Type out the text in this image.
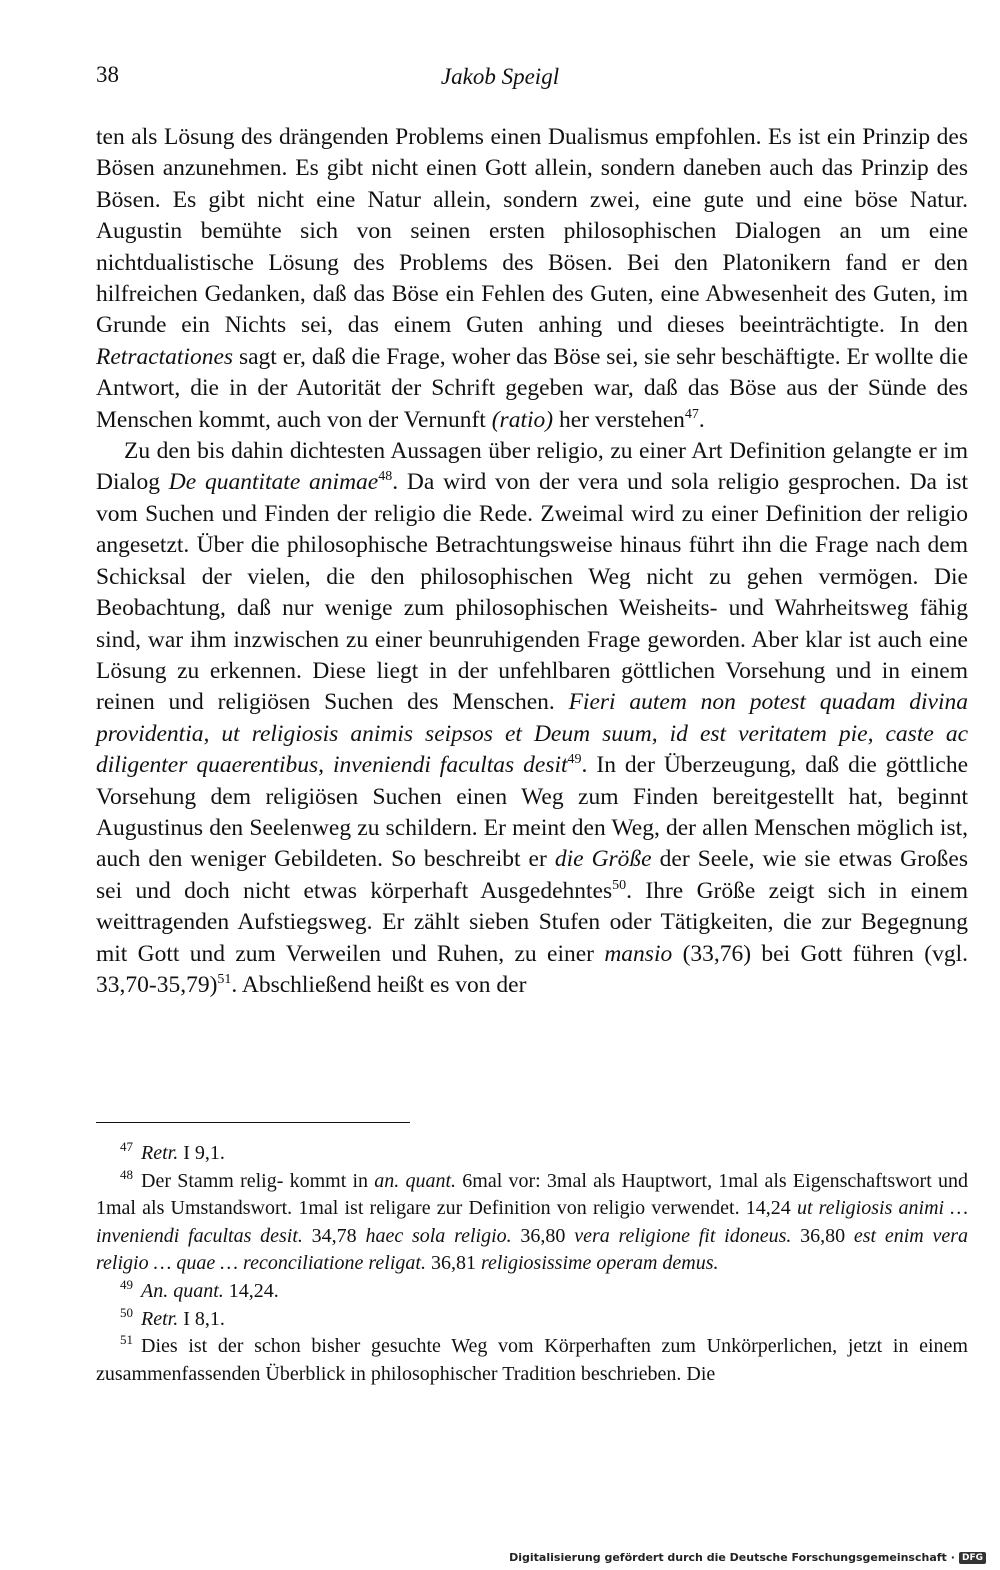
38	Jakob Speigl

ten als Lösung des drängenden Problems einen Dualismus empfohlen. Es ist ein Prinzip des Bösen anzunehmen. Es gibt nicht einen Gott allein, sondern daneben auch das Prinzip des Bösen. Es gibt nicht eine Natur allein, sondern zwei, eine gute und eine böse Natur. Augustin bemühte sich von seinen ersten philosophischen Dialogen an um eine nichtdualistische Lösung des Problems des Bösen. Bei den Platonikern fand er den hilfreichen Gedanken, daß das Böse ein Fehlen des Guten, eine Abwesenheit des Guten, im Grunde ein Nichts sei, das einem Guten anhing und dieses beeinträchtigte. In den Retractationes sagt er, daß die Frage, woher das Böse sei, sie sehr beschäftigte. Er wollte die Antwort, die in der Autorität der Schrift gegeben war, daß das Böse aus der Sünde des Menschen kommt, auch von der Vernunft (ratio) her verstehen$^{47}$.

Zu den bis dahin dichtesten Aussagen über religio, zu einer Art Definition gelangte er im Dialog De quantitate animae$^{48}$. Da wird von der vera und sola religio gesprochen. Da ist vom Suchen und Finden der religio die Rede. Zweimal wird zu einer Definition der religio angesetzt. Über die philosophische Betrachtungsweise hinaus führt ihn die Frage nach dem Schicksal der vielen, die den philosophischen Weg nicht zu gehen vermögen. Die Beobachtung, daß nur wenige zum philosophischen Weisheits- und Wahrheitsweg fähig sind, war ihm inzwischen zu einer beunruhigenden Frage geworden. Aber klar ist auch eine Lösung zu erkennen. Diese liegt in der unfehlbaren göttlichen Vorsehung und in einem reinen und religiösen Suchen des Menschen. Fieri autem non potest quadam divina providentia, ut religiosis animis seipsos et Deum suum, id est veritatem pie, caste ac diligenter quaerentibus, inveniendi facultas desit$^{49}$. In der Überzeugung, daß die göttliche Vorsehung dem religiösen Suchen einen Weg zum Finden bereitgestellt hat, beginnt Augustinus den Seelenweg zu schildern. Er meint den Weg, der allen Menschen möglich ist, auch den weniger Gebildeten. So beschreibt er die Größe der Seele, wie sie etwas Großes sei und doch nicht etwas körperhaft Ausgedehntes$^{50}$. Ihre Größe zeigt sich in einem weittragenden Aufstiegsweg. Er zählt sieben Stufen oder Tätigkeiten, die zur Begegnung mit Gott und zum Verweilen und Ruhen, zu einer mansio (33,76) bei Gott führen (vgl. 33,70-35,79)$^{51}$. Abschließend heißt es von der

$^{47}$ Retr. I 9,1.

$^{48}$ Der Stamm relig- kommt in an. quant. 6mal vor: 3mal als Hauptwort, 1mal als Eigenschaftswort und 1mal als Umstandswort. 1mal ist religare zur Definition von religio verwendet. 14,24 ut religiosis animi … inveniendi facultas desit. 34,78 haec sola religio. 36,80 vera religione fit idoneus. 36,80 est enim vera religio … quae … reconciliatione religat. 36,81 religiosissime operam demus.

$^{49}$ An. quant. 14,24.

$^{50}$ Retr. I 8,1.

$^{51}$ Dies ist der schon bisher gesuchte Weg vom Körperhaften zum Unkörperlichen, jetzt in einem zusammenfassenden Überblick in philosophischer Tradition beschrieben. Die

Digitalisierung gefördert durch die Deutsche Forschungsgemeinschaft · DFG
